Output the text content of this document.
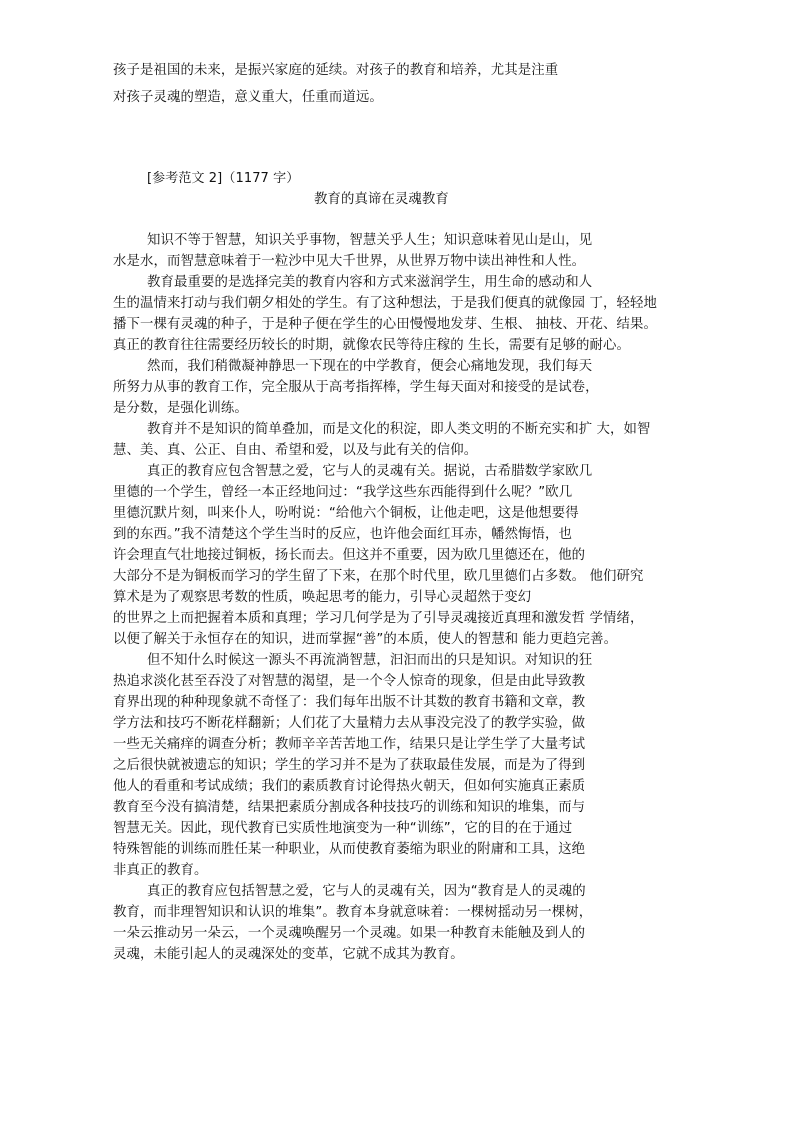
孩子是祖国的未来，是振兴家庭的延续。对孩子的教育和培养，尤其是注重
对孩子灵魂的塑造，意义重大，任重而道远。
[参考范文 2]（1177 字）
教育的真谛在灵魂教育
知识不等于智慧，知识关乎事物，智慧关乎人生；知识意味着见山是山，见
水是水，而智慧意味着于一粒沙中见大千世界，从世界万物中读出神性和人性。
教育最重要的是选择完美的教育内容和方式来滋润学生，用生命的感动和人
生的温情来打动与我们朝夕相处的学生。有了这种想法，于是我们便真的就像园 丁，轻轻地
播下一棵有灵魂的种子，于是种子便在学生的心田慢慢地发芽、生根、 抽枝、开花、结果。
真正的教育往往需要经历较长的时期，就像农民等待庄稼的 生长，需要有足够的耐心。
然而，我们稍微凝神静思一下现在的中学教育，便会心痛地发现，我们每天
所努力从事的教育工作，完全服从于高考指挥棒，学生每天面对和接受的是试卷，
是分数，是强化训练。
教育并不是知识的简单叠加，而是文化的积淀，即人类文明的不断充实和扩 大，如智
慧、美、真、公正、自由、希望和爱，以及与此有关的信仰。
真正的教育应包含智慧之爱，它与人的灵魂有关。据说，古希腊数学家欧几
里德的一个学生，曾经一本正经地问过：“我学这些东西能得到什么呢？”欧几
里德沉默片刻，叫来仆人，吩咐说：“给他六个铜板，让他走吧，这是他想要得
到的东西。”我不清楚这个学生当时的反应，也许他会面红耳赤，幡然悔悟，也
许会理直气壮地接过铜板，扬长而去。但这并不重要，因为欧几里德还在，他的
大部分不是为铜板而学习的学生留了下来，在那个时代里，欧几里德们占多数。 他们研究
算术是为了观察思考数的性质，唤起思考的能力，引导心灵超然于变幻
的世界之上而把握着本质和真理；学习几何学是为了引导灵魂接近真理和激发哲 学情绪，
以便了解关于永恒存在的知识，进而掌握“善”的本质，使人的智慧和 能力更趋完善。
但不知什么时候这一源头不再流淌智慧，汩汩而出的只是知识。对知识的狂
热追求淡化甚至吞没了对智慧的渴望，是一个令人惊奇的现象，但是由此导致教
育界出现的种种现象就不奇怪了：我们每年出版不计其数的教育书籍和文章，教
学方法和技巧不断花样翻新；人们花了大量精力去从事没完没了的教学实验，做
一些无关痛痒的调查分析；教师辛辛苦苦地工作，结果只是让学生学了大量考试
之后很快就被遗忘的知识；学生的学习并不是为了获取最佳发展，而是为了得到
他人的看重和考试成绩；我们的素质教育讨论得热火朝天，但如何实施真正素质
教育至今没有搞清楚，结果把素质分割成各种技技巧的训练和知识的堆集，而与
智慧无关。因此，现代教育已实质性地演变为一种“训练”，它的目的在于通过
特殊智能的训练而胜任某一种职业，从而使教育萎缩为职业的附庸和工具，这绝
非真正的教育。
真正的教育应包括智慧之爱，它与人的灵魂有关，因为“教育是人的灵魂的
教育，而非理智知识和认识的堆集”。教育本身就意味着：一棵树摇动另一棵树，
一朵云推动另一朵云，一个灵魂唤醒另一个灵魂。如果一种教育未能触及到人的
灵魂，未能引起人的灵魂深处的变革，它就不成其为教育。
